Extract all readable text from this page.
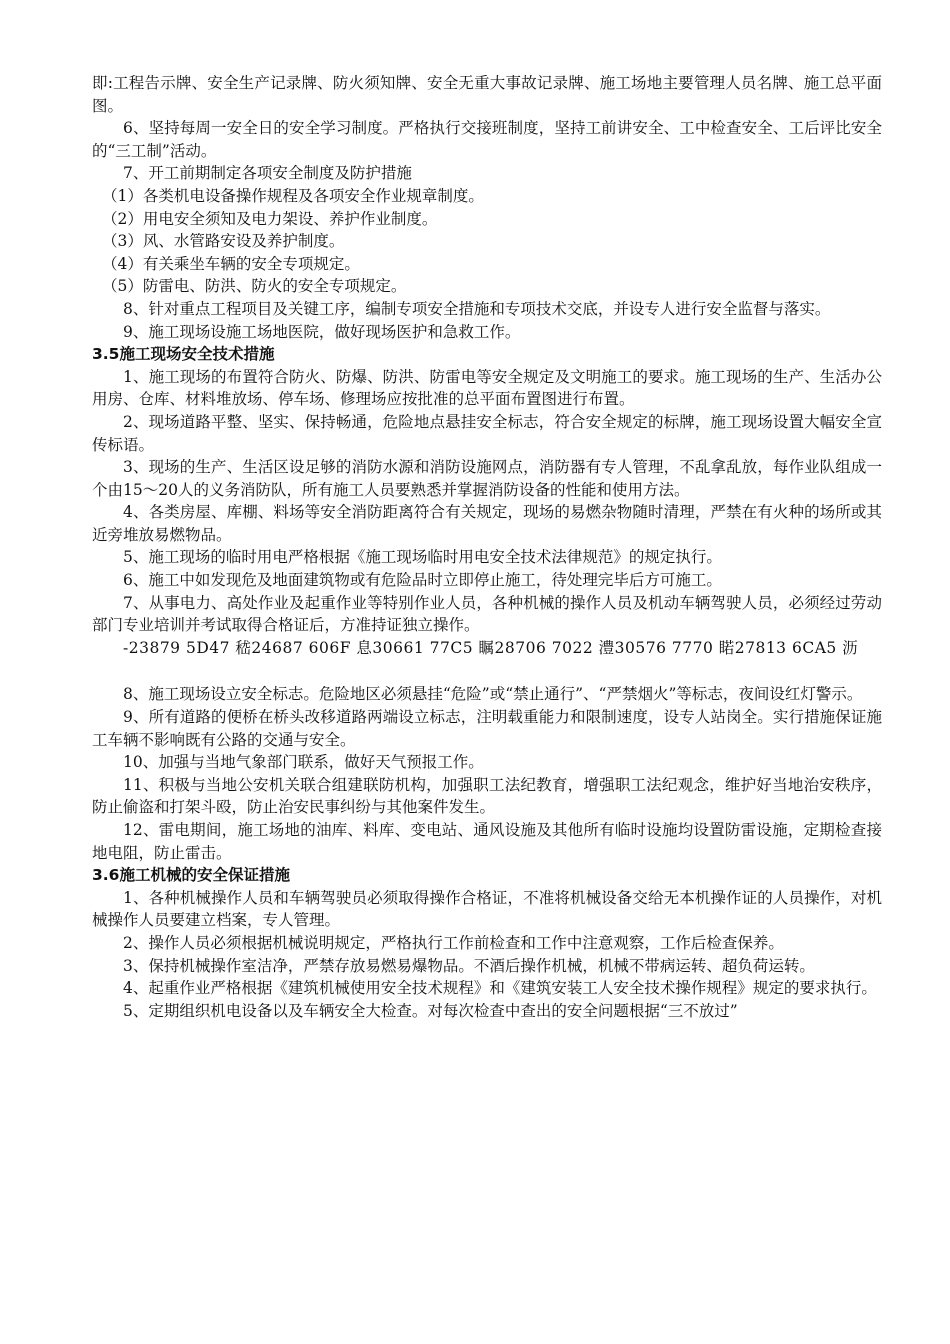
即:工程告示牌、安全生产记录牌、防火须知牌、安全无重大事故记录牌、施工场地主要管理人员名牌、施工总平面图。

6、坚持每周一安全日的安全学习制度。严格执行交接班制度，坚持工前讲安全、工中检查安全、工后评比安全的“三工制”活动。

7、开工前期制定各项安全制度及防护措施

（1）各类机电设备操作规程及各项安全作业规章制度。

（2）用电安全须知及电力架设、养护作业制度。

（3）风、水管路安设及养护制度。

（4）有关乘坐车辆的安全专项规定。

（5）防雷电、防洪、防火的安全专项规定。

8、针对重点工程项目及关键工序，编制专项安全措施和专项技术交底，并设专人进行安全监督与落实。

9、施工现场设施工场地医院，做好现场医护和急救工作。

3.5施工现场安全技术措施

1、施工现场的布置符合防火、防爆、防洪、防雷电等安全规定及文明施工的要求。施工现场的生产、生活办公用房、仓库、材料堆放场、停车场、修理场应按批准的总平面布置图进行布置。

2、现场道路平整、坚实、保持畅通，危险地点悬挂安全标志，符合安全规定的标牌，施工现场设置大幅安全宣传标语。

3、现场的生产、生活区设足够的消防水源和消防设施网点，消防器有专人管理，不乱拿乱放，每作业队组成一个由15～20人的义务消防队，所有施工人员要熟悉并掌握消防设备的性能和使用方法。

4、各类房屋、库棚、料场等安全消防距离符合有关规定，现场的易燃杂物随时清理，严禁在有火种的场所或其近旁堆放易燃物品。

5、施工现场的临时用电严格根据《施工现场临时用电安全技术法律规范》的规定执行。

6、施工中如发现危及地面建筑物或有危险品时立即停止施工，待处理完毕后方可施工。

7、从事电力、高处作业及起重作业等特别作业人员，各种机械的操作人员及机动车辆驾驶人员，必须经过劳动部门专业培训并考试取得合格证后，方准持证独立操作。

-23879 5D47 嵇24687 606F 息30661 77C5 瞩28706 7022 澧30576 7770 睰27813 6CA5 沥

8、施工现场设立安全标志。危险地区必须悬挂“危险”或“禁止通行”、“严禁烟火”等标志，夜间设红灯警示。

9、所有道路的便桥在桥头改移道路两端设立标志，注明载重能力和限制速度，设专人站岗全。实行措施保证施工车辆不影响既有公路的交通与安全。

10、加强与当地气象部门联系，做好天气预报工作。

11、积极与当地公安机关联合组建联防机构，加强职工法纪教育，增强职工法纪观念，维护好当地治安秩序，防止偷盗和打架斗殴，防止治安民事纠纷与其他案件发生。

12、雷电期间，施工场地的油库、料库、变电站、通风设施及其他所有临时设施均设置防雷设施，定期检查接地电阻，防止雷击。

3.6施工机械的安全保证措施

1、各种机械操作人员和车辆驾驶员必须取得操作合格证，不准将机械设备交给无本机操作证的人员操作，对机械操作人员要建立档案，专人管理。

2、操作人员必须根据机械说明规定，严格执行工作前检查和工作中注意观察，工作后检查保养。

3、保持机械操作室洁净，严禁存放易燃易爆物品。不酒后操作机械，机械不带病运转、超负荷运转。

4、起重作业严格根据《建筑机械使用安全技术规程》和《建筑安装工人安全技术操作规程》规定的要求执行。

5、定期组织机电设备以及车辆安全大检查。对每次检查中查出的安全问题根据“三不放过”
